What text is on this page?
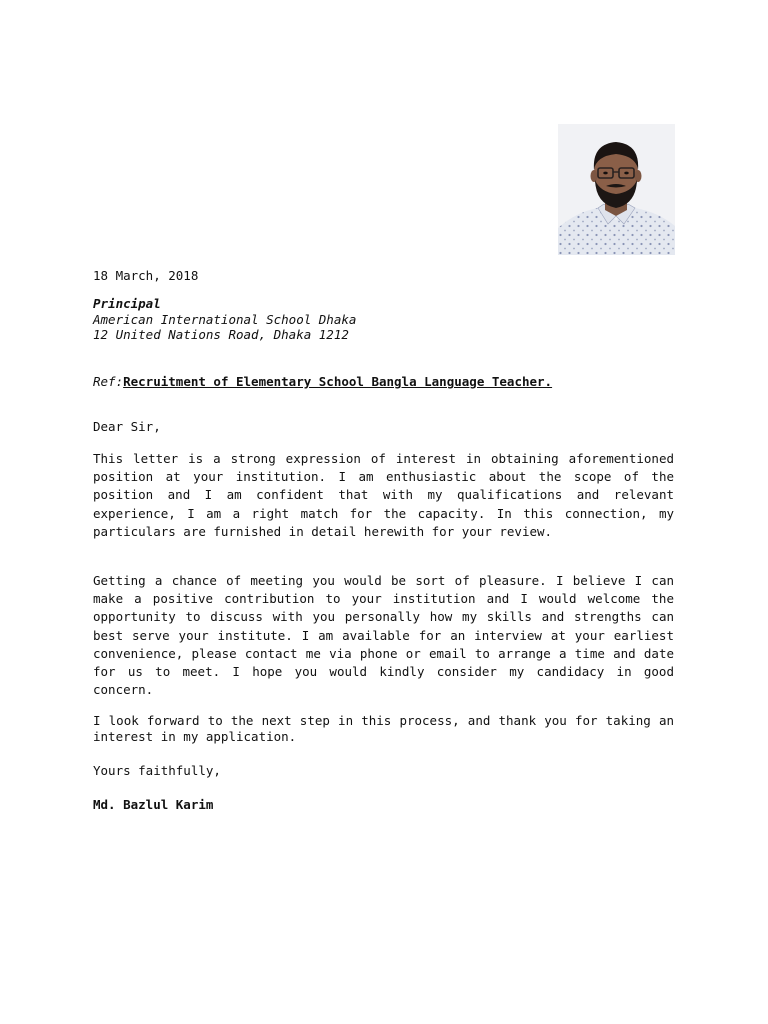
18 March, 2018
Principal
American International School Dhaka
12 United Nations Road, Dhaka 1212
Ref:Recruitment of Elementary School Bangla Language Teacher.
Dear Sir,

This letter is a strong expression of interest in obtaining aforementioned position at your institution. I am enthusiastic about the scope of the position and I am confident that with my qualifications and relevant experience, I am a right match for the capacity. In this connection, my particulars are furnished in detail herewith for your review.

Getting a chance of meeting you would be sort of pleasure. I believe I can make a positive contribution to your institution and I would welcome the opportunity to discuss with you personally how my skills and strengths can best serve your institute. I am available for an interview at your earliest convenience, please contact me via phone or email to arrange a time and date for us to meet. I hope you would kindly consider my candidacy in good concern.

I look forward to the next step in this process, and thank you for taking an interest in my application.

Yours faithfully,
Md. Bazlul Karim
